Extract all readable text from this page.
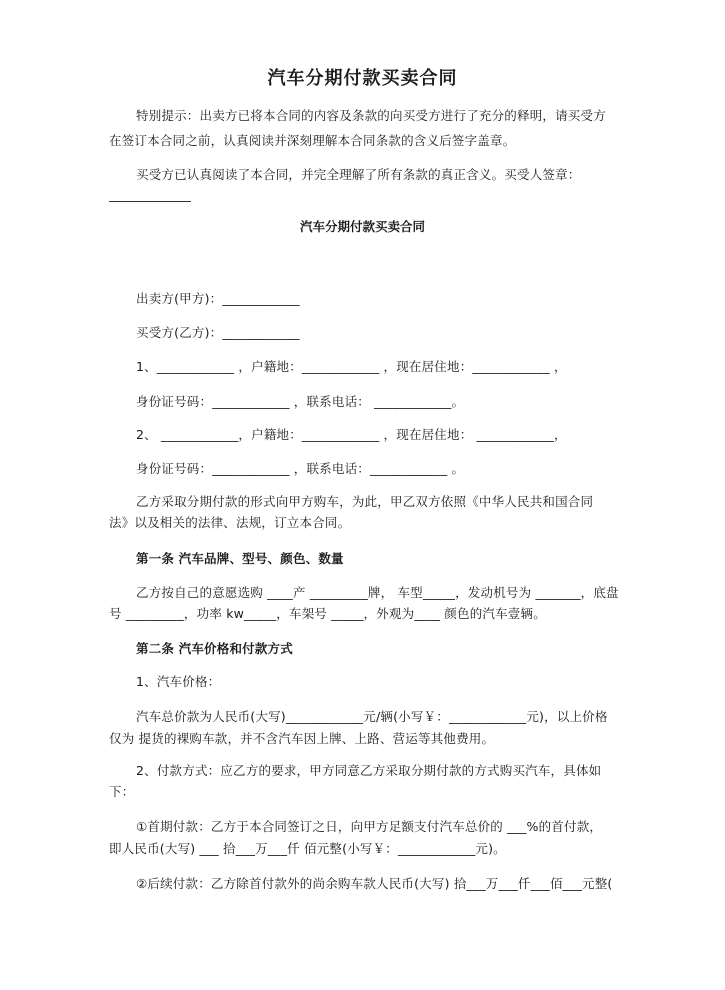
汽车分期付款买卖合同
特别提示：出卖方已将本合同的内容及条款的向买受方进行了充分的释明，请买受方
在签订本合同之前，认真阅读并深刻理解本合同条款的含义后签字盖章。
买受方已认真阅读了本合同，并完全理解了所有条款的真正含义。买受人签章：
汽车分期付款买卖合同
出卖方(甲方)：____________
买受方(乙方)：____________
1、____________ ，户籍地：____________ ，现在居住地：____________ ，
身份证号码：____________ ，联系电话： ____________。
2、 ____________，户籍地：____________ ，现在居住地： ____________，
身份证号码：____________ ，联系电话：____________ 。
乙方采取分期付款的形式向甲方购车，为此，甲乙双方依照《中华人民共和国合同
法》以及相关的法律、法规，订立本合同。
第一条 汽车品牌、型号、颜色、数量
乙方按自己的意愿选购 ____产 _________牌， 车型_____，发动机号为 _______，底盘
号 _________，功率 kw_____，车架号 _____，外观为____ 颜色的汽车壹辆。
第二条 汽车价格和付款方式
1、汽车价格：
汽车总价款为人民币(大写)____________元/辆(小写￥：____________元)，以上价格
仅为 提货的裸购车款，并不含汽车因上牌、上路、营运等其他费用。
2、付款方式：应乙方的要求，甲方同意乙方采取分期付款的方式购买汽车，具体如
下：
①首期付款：乙方于本合同签订之日，向甲方足额支付汽车总价的 ___%的首付款，
即人民币(大写) ___ 拾___万___仟 佰元整(小写￥：____________元)。
②后续付款：乙方除首付款外的尚余购车款人民币(大写) 拾___万___仟___佰___元整(
